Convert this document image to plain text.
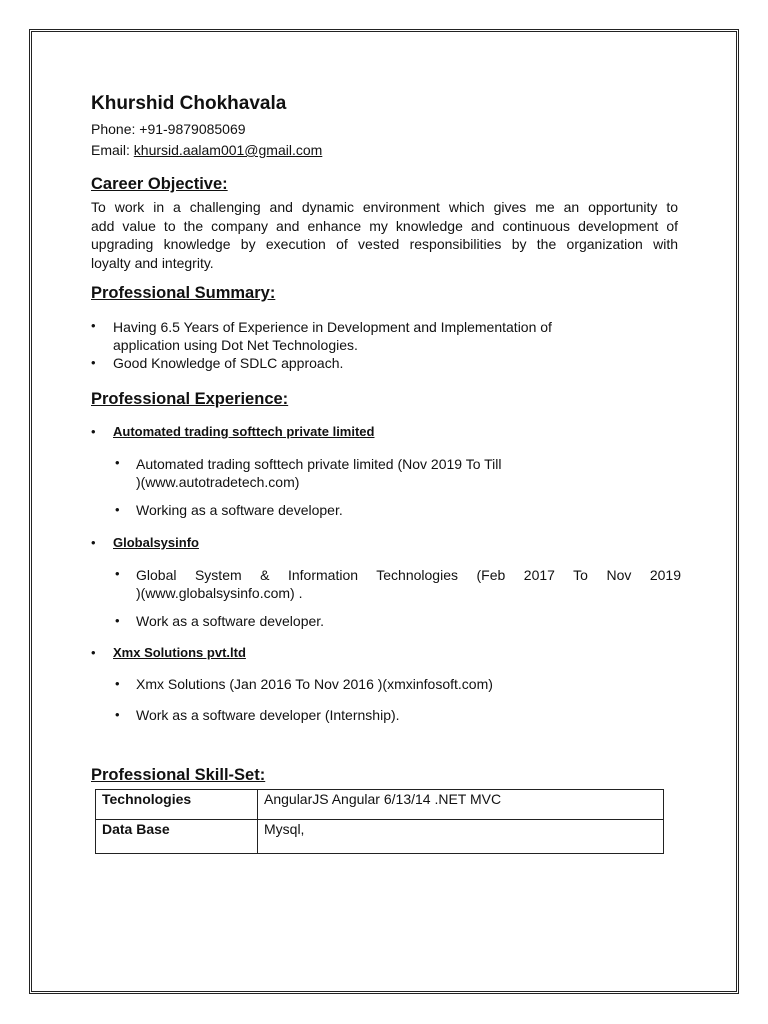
Khurshid Chokhavala
Phone: +91-9879085069
Email: khursid.aalam001@gmail.com
Career Objective:
To work in a challenging and dynamic environment which gives me an opportunity to
add value to the company and enhance my knowledge and continuous development of
upgrading knowledge by execution of vested responsibilities by the organization with
loyalty and integrity.
Professional Summary:
• Having 6.5 Years of Experience in Development and Implementation of
application using Dot Net Technologies.
• Good Knowledge of SDLC approach.
Professional Experience:
• Automated trading softtech private limited
• Automated trading softtech private limited (Nov 2019 To Till
)(www.autotradetech.com)
• Working as a software developer.
• Globalsysinfo
• Global System & Information Technologies (Feb 2017 To Nov 2019
)(www.globalsysinfo.com) .
• Work as a software developer.
• Xmx Solutions pvt.ltd
• Xmx Solutions (Jan 2016 To Nov 2016 )(xmxinfosoft.com)
• Work as a software developer (Internship).
Professional Skill-Set:
Technologies	AngularJS Angular 6/13/14 .NET MVC
Data Base	Mysql,
